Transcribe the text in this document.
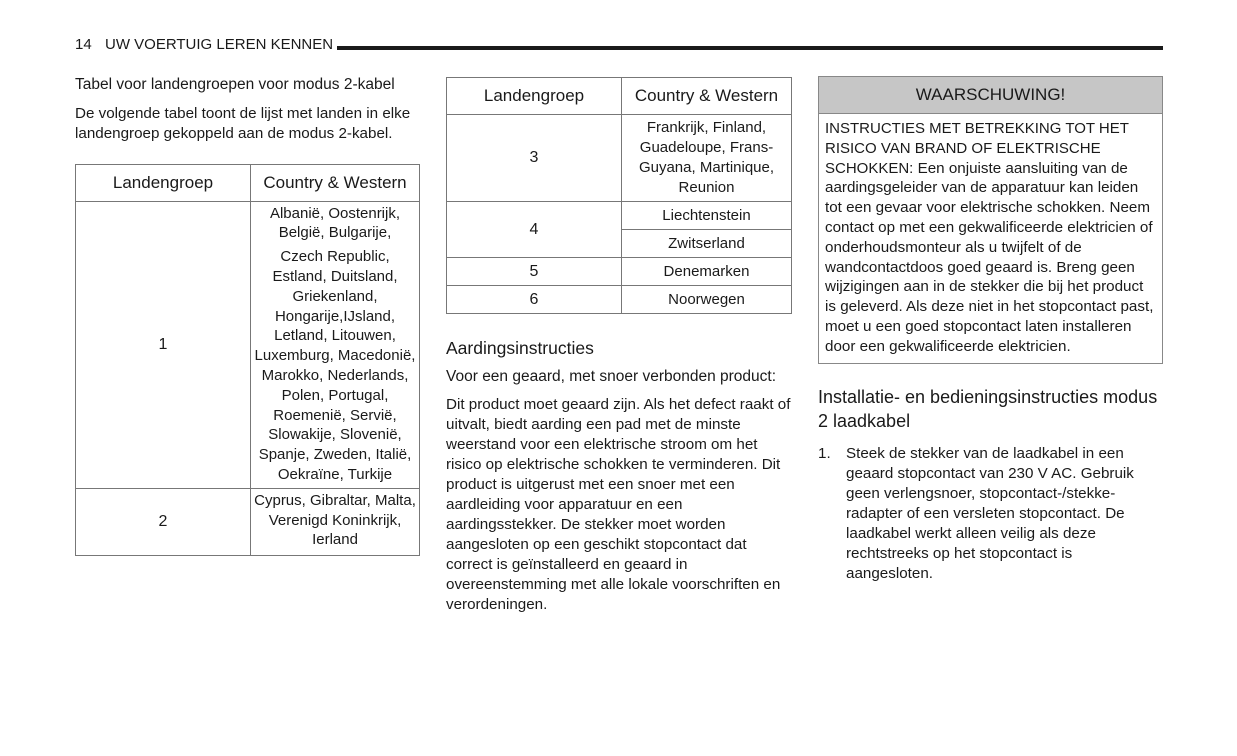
14 UW VOERTUIG LEREN KENNEN

Tabel voor landengroepen voor modus 2-kabel

De volgende tabel toont de lijst met landen in elke landengroep gekoppeld aan de modus 2-kabel.

Landengroep	Country & Western
1	Albanië, Oostenrijk, België, Bulgarije,
Czech Republic, Estland, Duitsland, Griekenland, Hongarije,IJsland, Letland, Litouwen, Luxemburg, Macedonië, Marokko, Nederlands, Polen, Portugal, Roemenië, Servië, Slowakije, Slovenië, Spanje, Zweden, Italië, Oekraïne, Turkije

2	Cyprus, Gibraltar, Malta, Verenigd Koninkrijk, Ierland
Landengroep	Country & Western
3	Frankrijk, Finland, Guadeloupe, Frans-Guyana, Martinique, Reunion
4	Liechtenstein
	Zwitserland
5	Denemarken
6	Noorwegen
Aardingsinstructies
Voor een geaard, met snoer verbonden product:

Dit product moet geaard zijn. Als het defect raakt of uitvalt, biedt aarding een pad met de minste weerstand voor een elektrische stroom om het risico op elektrische schokken te verminderen. Dit product is uitgerust met een snoer met een aardleiding voor apparatuur en een aardingsstekker. De stekker moet worden aangesloten op een geschikt stopcontact dat correct is geïnstalleerd en geaard in overeenstemming met alle lokale voorschriften en verordeningen.

WAARSCHUWING!
INSTRUCTIES MET BETREKKING TOT HET RISICO VAN BRAND OF ELEKTRISCHE SCHOKKEN: Een onjuiste aansluiting van de aardingsgeleider van de apparatuur kan leiden tot een gevaar voor elektrische schokken. Neem contact op met een gekwalificeerde elektricien of onderhoudsmonteur als u twijfelt of de wandcontactdoos goed geaard is. Breng geen wijzigingen aan in de stekker die bij het product is geleverd. Als deze niet in het stopcontact past, moet u een goed stopcontact laten installeren door een gekwalificeerde elektricien.
Installatie- en bedieningsinstructies modus 2 laadkabel
1.	Steek de stekker van de laadkabel in een geaard stopcontact van 230 V AC. Gebruik geen verlengsnoer, stopcontact-/stekke-radapter of een versleten stopcontact. De laadkabel werkt alleen veilig als deze rechtstreeks op het stopcontact is aangesloten.
